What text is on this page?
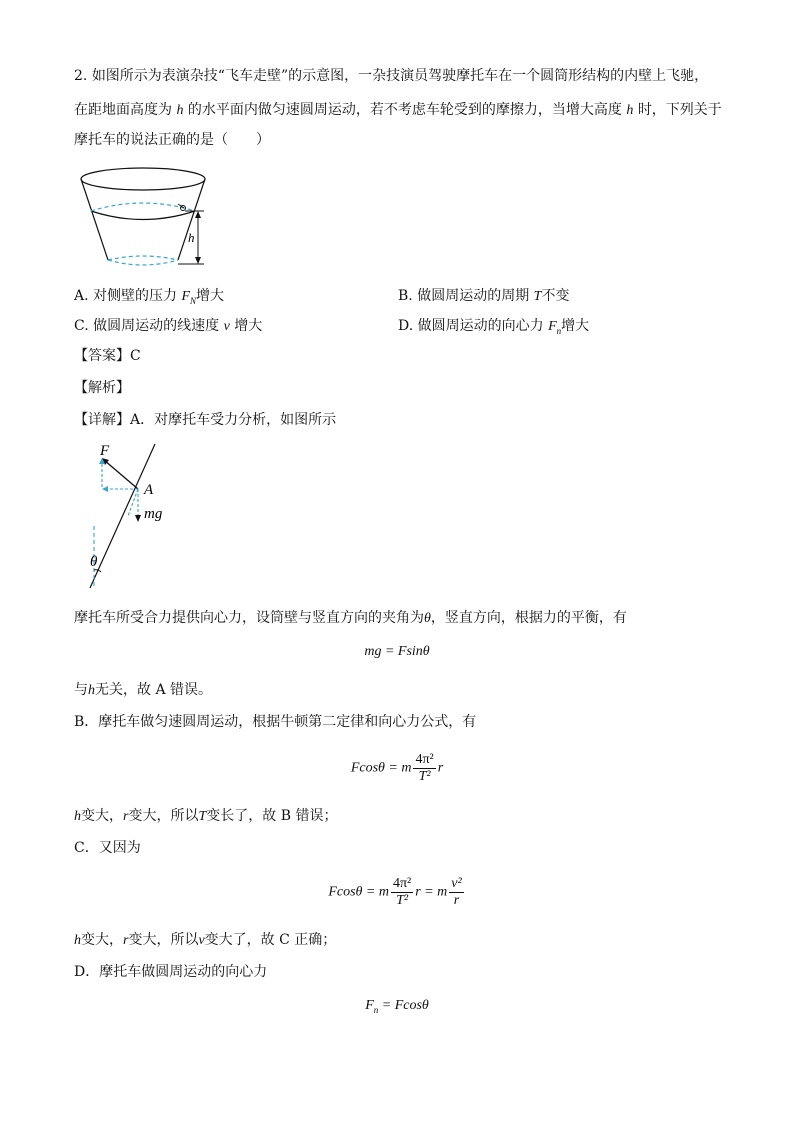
2. 如图所示为表演杂技“飞车走壁”的示意图，一杂技演员驾驶摩托车在一个圆筒形结构的内壁上飞驰，
在距地面高度为 h 的水平面内做匀速圆周运动，若不考虑车轮受到的摩擦力，当增大高度 h 时，下列关于
摩托车的说法正确的是（　　）
h
A. 对侧壁的压力 $F_N$增大	B. 做圆周运动的周期 T不变
C. 做圆周运动的线速度 v 增大	D. 做圆周运动的向心力 $F_n$增大
【答案】C
【解析】
【详解】A．对摩托车受力分析，如图所示
F
A
mg
θ
摩托车所受合力提供向心力，设筒壁与竖直方向的夹角为θ，竖直方向，根据力的平衡，有
mg = Fsinθ
与h无关，故 A 错误。
B．摩托车做匀速圆周运动，根据牛顿第二定律和向心力公式，有
Fcosθ = m $\frac{\text{4π²}}{\text{T²}}$ r
h变大，r变大，所以T变长了，故 B 错误；
C．又因为
Fcosθ = m $\frac{\text{4π²}}{\text{T²}}$ r = m $\frac{\text{v²}}{r}$
h变大，r变大，所以v变大了，故 C 正确；
D．摩托车做圆周运动的向心力
$F_n = Fcos\theta$
